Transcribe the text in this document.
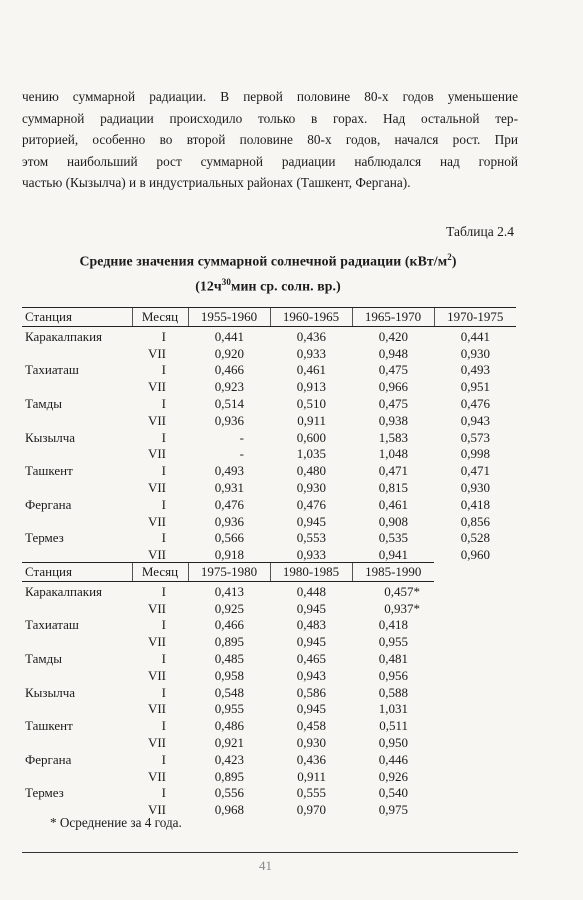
чению суммарной радиации. В первой половине 80-х годов уменьшение
суммарной радиации происходило только в горах. Над остальной тер-
риторией, особенно во второй половине 80-х годов, начался рост. При
этом наибольший рост суммарной радиации наблюдался над горной
частью (Кызылча) и в индустриальных районах (Ташкент, Фергана).

Таблица 2.4
Средние значения суммарной солнечной радиации $(кВт/м^2)$
($12ч^{30}мин$ ср. солн. вр.)
Станция	Месяц	1955-1960	1960-1965	1965-1970	1970-1975
Каракалпакия	I	0,441	0,436	0,420	0,441
	VII	0,920	0,933	0,948	0,930
Тахиаташ	I	0,466	0,461	0,475	0,493
	VII	0,923	0,913	0,966	0,951
Тамды	I	0,514	0,510	0,475	0,476
	VII	0,936	0,911	0,938	0,943
Кызылча	I	-	0,600	1,583	0,573
	VII	-	1,035	1,048	0,998
Ташкент	I	0,493	0,480	0,471	0,471
	VII	0,931	0,930	0,815	0,930
Фергана	I	0,476	0,476	0,461	0,418
	VII	0,936	0,945	0,908	0,856
Термез	I	0,566	0,553	0,535	0,528
	VII	0,918	0,933	0,941	0,960
Станция	Месяц	1975-1980	1980-1985	1985-1990	
Каракалпакия	I	0,413	0,448	0,457*	
	VII	0,925	0,945	0,937*	
Тахиаташ	I	0,466	0,483	0,418	
	VII	0,895	0,945	0,955	
Тамды	I	0,485	0,465	0,481	
	VII	0,958	0,943	0,956	
Кызылча	I	0,548	0,586	0,588	
	VII	0,955	0,945	1,031	
Ташкент	I	0,486	0,458	0,511	
	VII	0,921	0,930	0,950	
Фергана	I	0,423	0,436	0,446	
	VII	0,895	0,911	0,926	
Термез	I	0,556	0,555	0,540	
	VII	0,968	0,970	0,975	
* Осреднение за 4 года.
41
